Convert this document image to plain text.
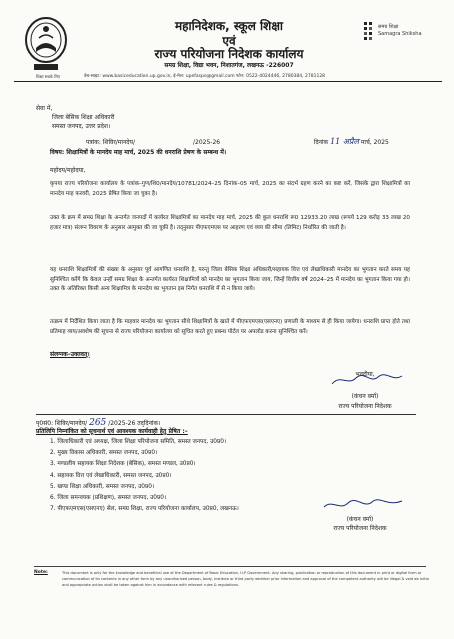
शिक्षा सबके लिए
समग्र शिक्षा
Samagra Shiksha
महानिदेशक, स्कूल शिक्षा
एवं
राज्य परियोजना निदेशक कार्यालय
समग्र शिक्षा, विद्या भवन, निशातगंज, लखनऊ -226007
वेब-साइट: www.basiceducation.up.gov.in, ई-मेल: upefaspo@gmail.com फोन: 0522-4024446, 2780384, 2781128
सेवा में,
जिला बेसिक शिक्षा अधिकारी
समस्त जनपद, उत्तर प्रदेश।
पत्रांक: शिविर/मानदेय/	/2025-26	दिनांक 11 अप्रैल मार्च, 2025
विषय: शिक्षामित्रों के मानदेय माह मार्च, 2025 की धनराशि प्रेषण के सम्बन्ध में।
महोदय/महोदया,
कृपया राज्य परियोजना कार्यालय के पत्रांक–गुण/शि0/मानदेय/10781/2024–25 दिनांक–05 मार्च, 2025 का संदर्भ ग्रहण करने का कष्ट करें, जिसके द्वारा शिक्षामित्रों का मानदेय माह फरवरी, 2025 प्रेषित किया जा चुका है।
उक्त के क्रम में समग्र शिक्षा के अन्तर्गत जनपदों में कार्यरत शिक्षामित्रों का मानदेय माह मार्च, 2025 की कुल धनराशि रू0 12933.20 लाख (रूपये 129 करोड़ 33 लाख 20 हजार मात्र) संलग्न विवरण के अनुसार आमुक्त की जा चुकी है। तद्नुसार पीएफएमएस पर आहरण एवं व्यय की सीमा (लिमिट) निर्धारित की जाती है।
यह धनराशि शिक्षामित्रों की संख्या के अनुसार पूर्व आगणित धनराशि है, परन्तु जिला बेसिक शिक्षा अधिकारी/सहायक वित्त एवं लेखाधिकारी मानदेय का भुगतान करते समय यह सुनिश्चित करेंगे कि केवल उन्हीं समग्र शिक्षा के अन्तर्गत कार्यरत शिक्षामित्रों को मानदेय का भुगतान किया जाय, जिन्हें वित्तीय वर्ष 2024–25 में मानदेय का भुगतान किया गया हो। उक्त के अतिरिक्त किसी अन्य शिक्षामित्र के मानदेय का भुगतान इस निर्गत धनराशि में से न किया जाये।
तत्क्रम में निर्देशित किया जाता है कि माहवार मानदेय का भुगतान सीधे शिक्षामित्रों के खाते में पीएफएमएस(एसएनए) प्रणाली के माध्यम से ही किया जायेगा। धनराशि प्राप्त होते तथा प्रतिमाह व्यय/अवशेष की सूचना से राज्य परियोजना कार्यालय को सूचित करते हुए प्रबन्ध पोर्टल पर अपलोड करना सुनिश्चित करें।
संलग्नक–उक्तवत्।
भवदीया,
(कंचन वर्मा)
राज्य परियोजना निदेशक
पृ0सं0: शिविर/मानदेय/ 265 /2025-26 तद्‌दिनांक।
प्रतिलिपि निम्नांकित को सूचनार्थ एवं आवश्यक कार्यवाही हेतु प्रेषित :–
1. जिलाधिकारी एवं अध्यक्ष, जिला शिक्षा परियोजना समिति, समस्त जनपद, उ0प्र0।
2. मुख्य विकास अधिकारी, समस्त जनपद, उ0प्र0।
3. मण्डलीय सहायक शिक्षा निदेशक (बेसिक), समस्त मण्डल, उ0प्र0।
4. सहायक वित्त एवं लेखाधिकारी, समस्त जनपद, उ0प्र0।
5. खण्ड शिक्षा अधिकारी, समस्त जनपद, उ0प्र0।
6. जिला समन्वयक (प्रशिक्षण), समस्त जनपद, उ0प्र0।
7. पीएफएमएस(एसएनए) सेल, समग्र शिक्षा, राज्य परियोजना कार्यालय, उ0प्र0, लखनऊ।
(कंचन वर्मा)
राज्य परियोजना निदेशक
Note:	This document is only for the knowledge and beneficial use of the Department of Basic Education, U.P Government. Any sharing, publication or reproduction of this document in print or digital form or communication of its contents in any other form by any unauthorized person, body, institute or third party whether prior information and approval of the competent authority will be illegal & void ab initio and appropriate action shall be taken against him in accordance with relevant rules & regulations.
